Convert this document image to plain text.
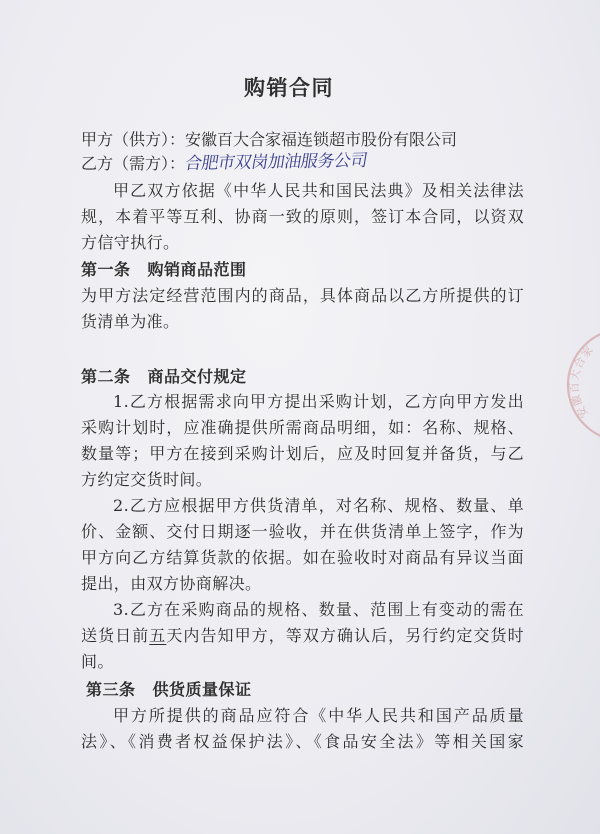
购销合同
甲方（供方）：安徽百大合家福连锁超市股份有限公司
乙方（需方）：合肥市双岗加油服务公司
甲乙双方依据《中华人民共和国民法典》及相关法律法
规，本着平等互利、协商一致的原则，签订本合同，以资双
方信守执行。
第一条 购销商品范围
为甲方法定经营范围内的商品，具体商品以乙方所提供的订
货清单为准。
第二条 商品交付规定
1.乙方根据需求向甲方提出采购计划，乙方向甲方发出
采购计划时，应准确提供所需商品明细，如：名称、规格、
数量等；甲方在接到采购计划后，应及时回复并备货，与乙
方约定交货时间。
2.乙方应根据甲方供货清单，对名称、规格、数量、单
价、金额、交付日期逐一验收，并在供货清单上签字，作为
甲方向乙方结算货款的依据。如在验收时对商品有异议当面
提出，由双方协商解决。
3.乙方在采购商品的规格、数量、范围上有变动的需在
送货日前五天内告知甲方，等双方确认后，另行约定交货时
间。
第三条 供货质量保证
甲方所提供的商品应符合《中华人民共和国产品质量
法》、《消费者权益保护法》、《食品安全法》等相关国家
安徽百大合家
